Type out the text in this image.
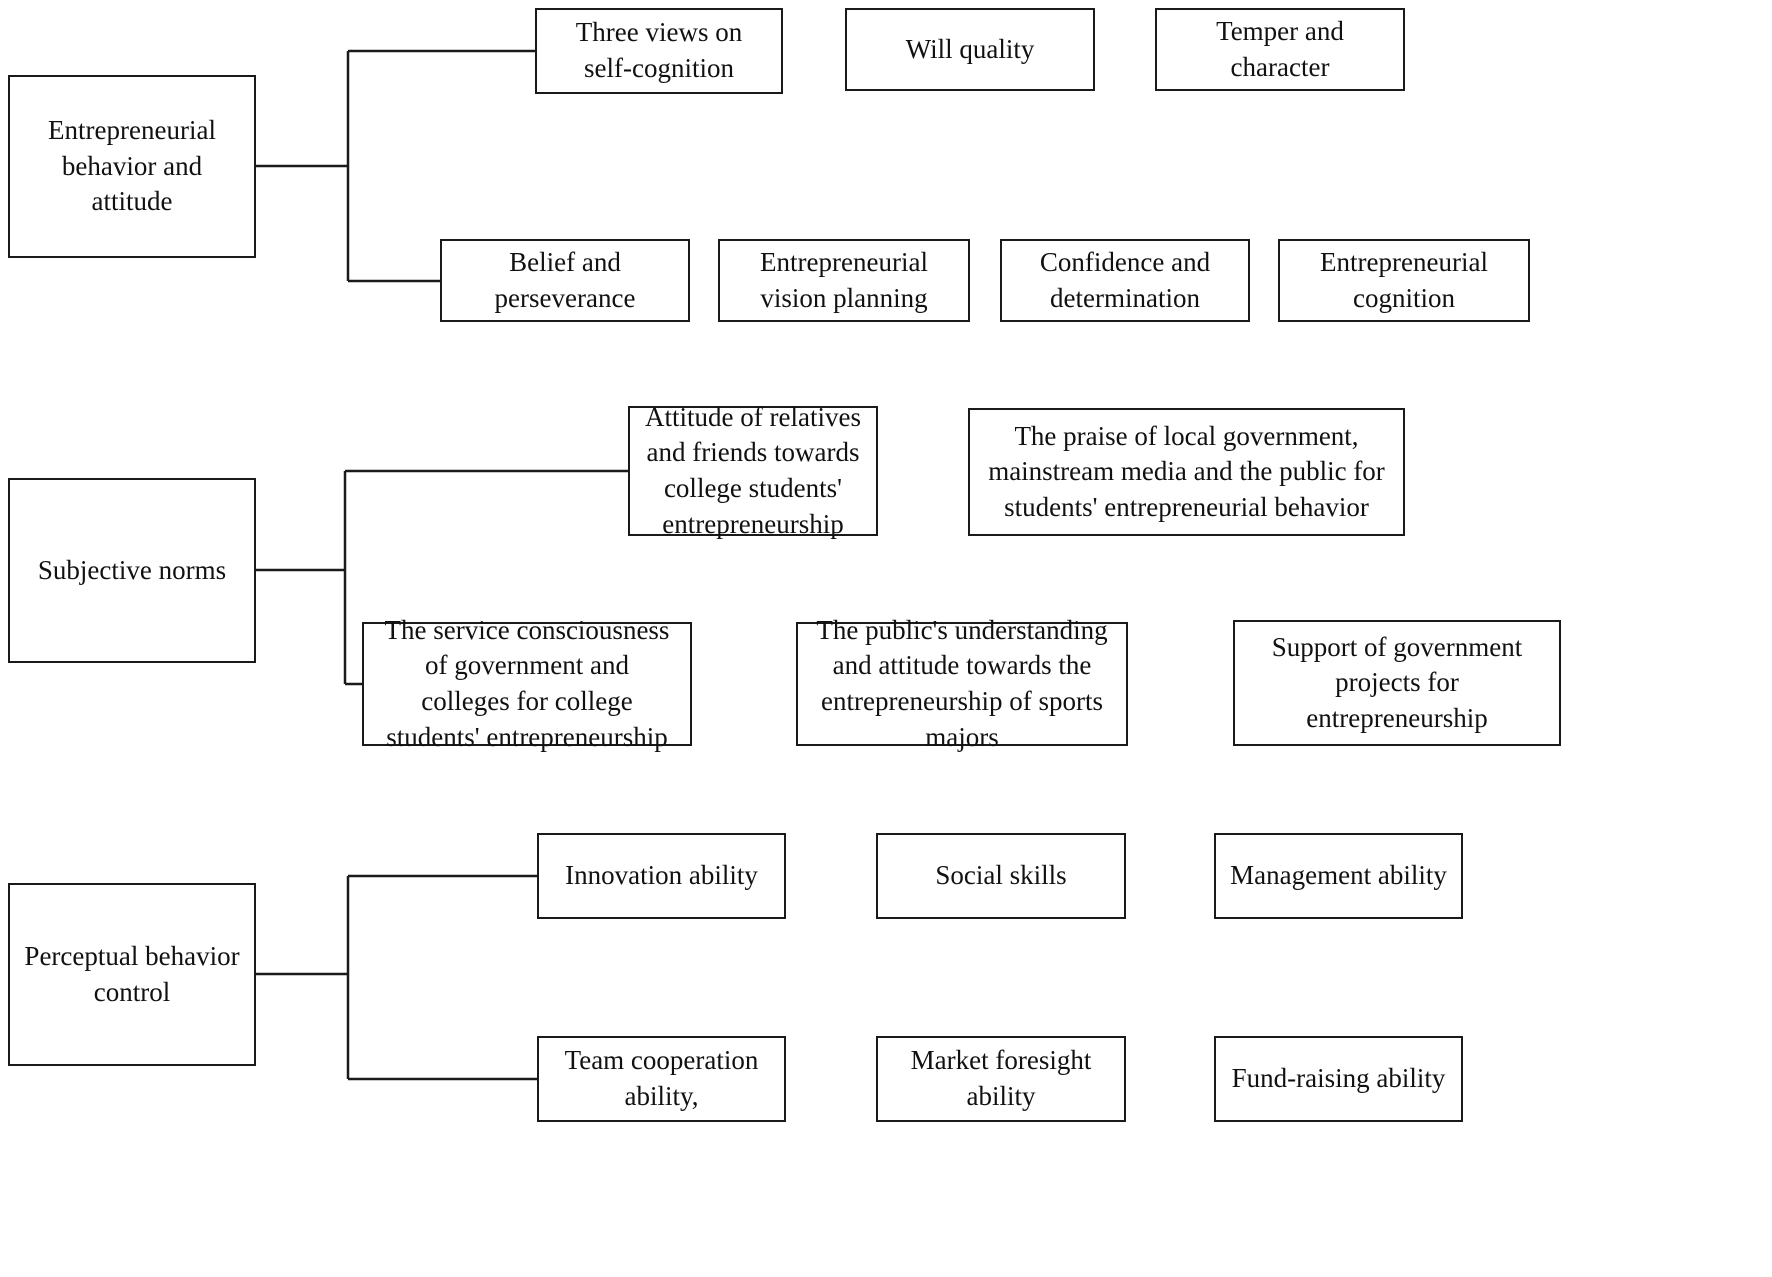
Entrepreneurial behavior and attitude
Three views on self-cognition
Will quality
Temper and character
Belief and perseverance
Entrepreneurial vision planning
Confidence and determination
Entrepreneurial cognition
Subjective norms
Attitude of relatives and friends towards college students' entrepreneurship
The praise of local government, mainstream media and the public for students' entrepreneurial behavior
The service consciousness of government and colleges for college students' entrepreneurship
The public's understanding and attitude towards the entrepreneurship of sports majors
Support of government projects for entrepreneurship
Perceptual behavior control
Innovation ability	Social skills	Management ability
Team cooperation ability,
Market foresight ability
Fund-raising ability
